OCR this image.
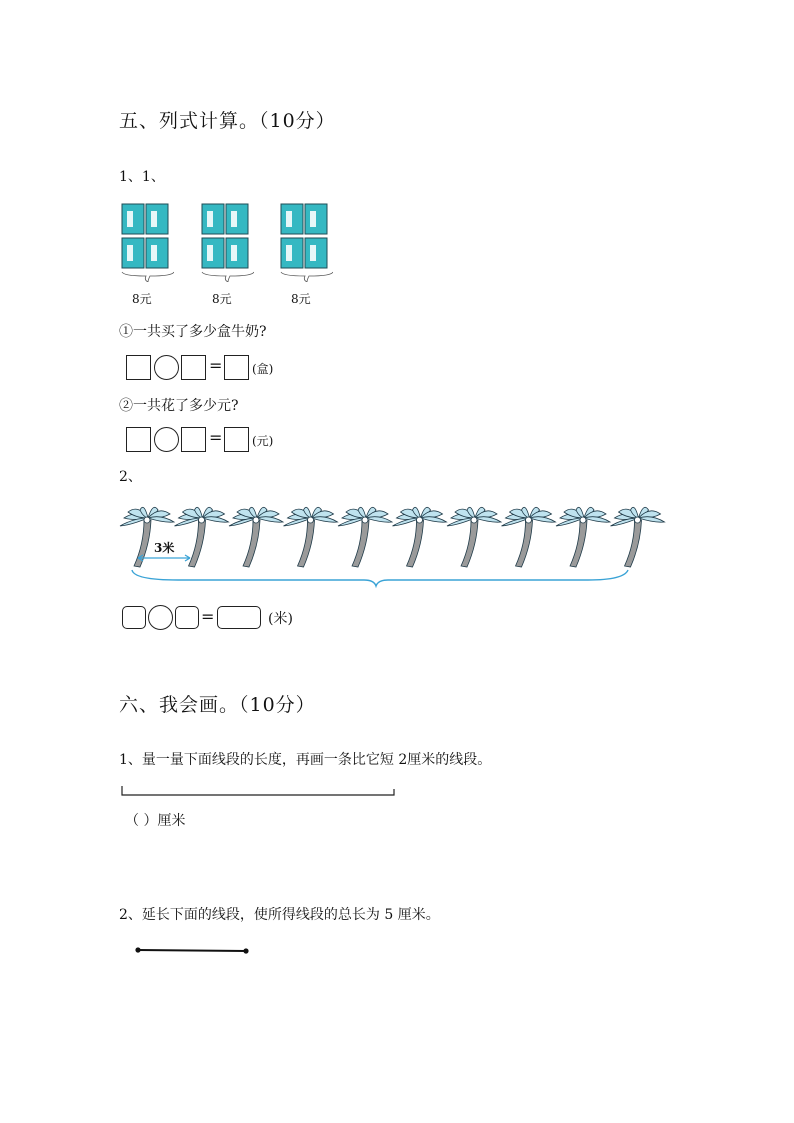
五、列式计算。（10分）
1、1、
8元	8元	8元
①一共买了多少盒牛奶?
= (盒)
②一共花了多少元?
= (元)
2、
3米
=	(米)
六、我会画。（10分）
1、量一量下面线段的长度，再画一条比它短 2厘米的线段。
（ ）厘米
2、延长下面的线段，使所得线段的总长为 5 厘米。
